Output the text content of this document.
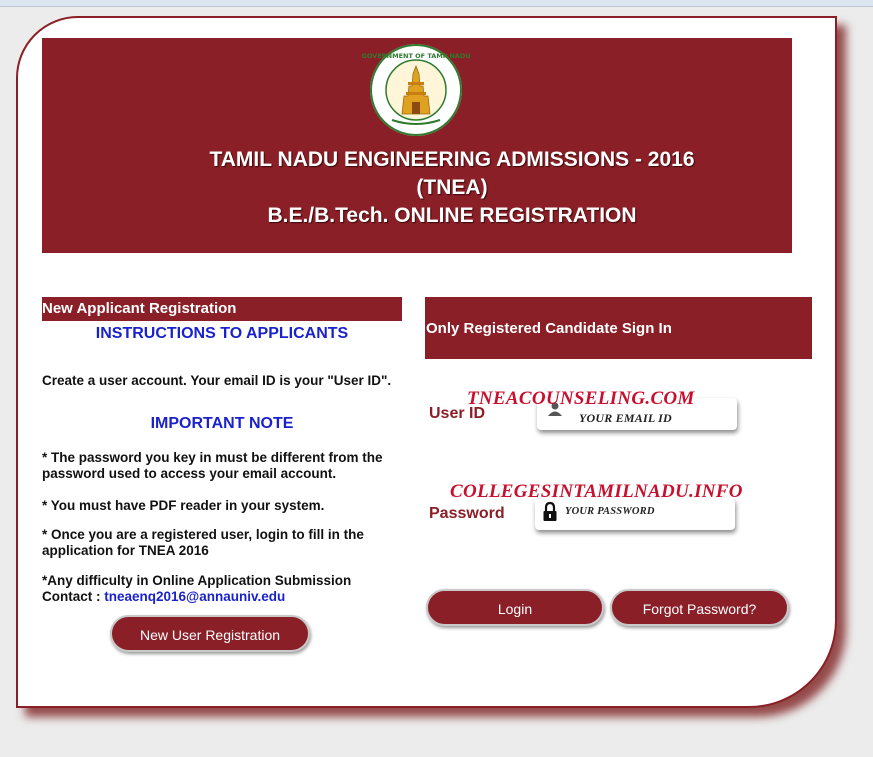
GOVERNMENT OF TAMILNADU
TAMIL NADU ENGINEERING ADMISSIONS - 2016
(TNEA)
B.E./B.Tech. ONLINE REGISTRATION
New Applicant Registration
INSTRUCTIONS TO APPLICANTS
Create a user account. Your email ID is your "User ID".
IMPORTANT NOTE
* The password you key in must be different from the password used to access your email account.
* You must have PDF reader in your system.
* Once you are a registered user, login to fill in the application for TNEA 2016
*Any difficulty in Online Application Submission
Contact : tneaenq2016@annauniv.edu
New User Registration
Only Registered Candidate Sign In
User ID	YOUR EMAIL ID
Password	YOUR PASSWORD
Login	Forgot Password?
TNEACOUNSELING.COM
COLLEGESINTAMILNADU.INFO
